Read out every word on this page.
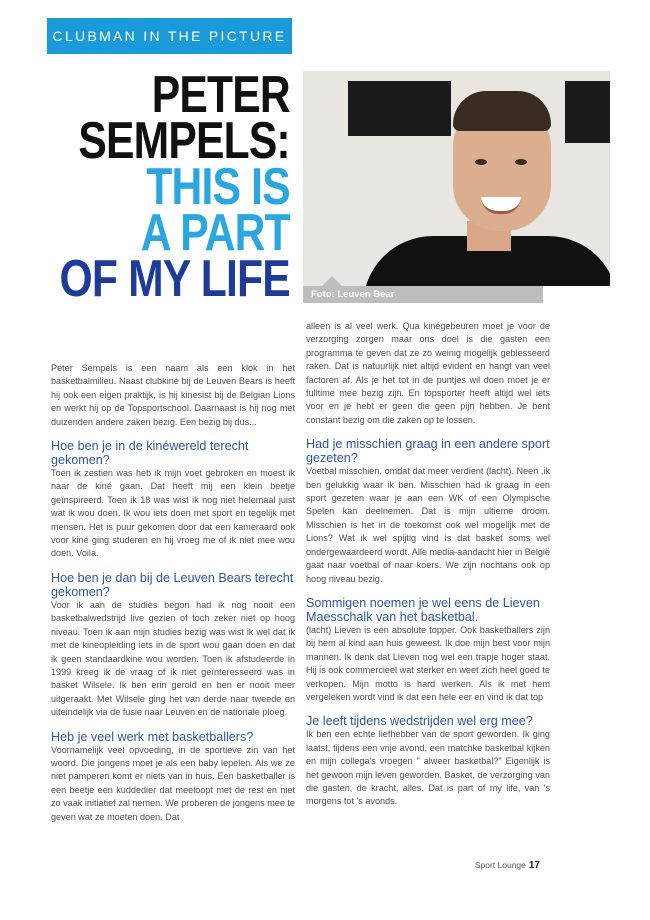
CLUBMAN IN THE PICTURE
PETER
SEMPELS:
THIS IS
A PART
OF MY LIFE	Foto: Leuven Bear

Peter Sempels is een naam als een klok in het basketbalmilieu. Naast clubkiné bij de Leuven Bears is heeft hij ook een eigen praktijk, is hij kinesist bij de Belgian Lions en werkt hij op de Topsportschool. Daarnaast is hij nog met duizenden andere zaken bezig. Een bezig bij dus...

Hoe ben je in de kinéwereld terecht gekomen?

Toen ik zestien was heb ik mijn voet gebroken en moest ik naar de kiné gaan. Dat heeft mij een klein beetje geïnspireerd. Toen ik 18 was wist ik nog niet helemaal juist wat ik wou doen. Ik wou iets doen met sport en tegelijk met mensen. Het is puur gekomen door dat een kameraard ook voor kiné ging studeren en hij vroeg me of ik niet mee wou doen. Voila.

Hoe ben je dan bij de Leuven Bears terecht gekomen?

Voor ik aan de studies begon had ik nog nooit een basketbalwedstrijd live gezien of toch zeker niet op hoog niveau. Toen ik aan mijn studies bezig was wist ik wel dat ik met de kineopleiding iets in de sport wou gaan doen en dat ik geen standaardkine wou worden. Toen ik afstudeerde in 1999 kreeg ik de vraag of ik niet geïnteresseerd was in basket Wilsele. Ik ben erin gerold en ben er nooit meer uitgeraakt. Met Wilsele ging het van derde naar tweede en uiteindelijk via de fusie naar Leuven en de nationale ploeg.

Heb je veel werk met basketballers?

Voornamelijk veel opvoeding, in de sportieve zin van het woord. Die jongens moet je als een baby lepelen. Als we ze niet pamperen komt er niets van in huis. Een basketballer is een beetje een kuddedier dat meeloopt met de rest en niet zo vaak initiatief zal nemen. We proberen de jongens mee te geven wat ze moeten doen. Dat

alleen is al veel werk. Qua kinégebeuren moet je voor de verzorging zorgen maar ons doel is die gasten een programma te geven dat ze zo weinig mogelijk geblesseerd raken. Dat is natuurlijk niet altijd evident en hangt van veel factoren af. Als je het tot in de puntjes wil doen moet je er fulltime mee bezig zijn. En topsporter heeft altijd wel iets voor en je hebt er geen die geen pijn hebben. Je bent constant bezig om die zaken op te lossen.

Had je misschien graag in een andere sport gezeten?

Voetbal misschien, omdat dat meer verdient (lacht). Neen ,ik ben gelukkig waar ik ben. Misschien had ik graag in een sport gezeten waar je aan een WK of een Olympische Spelen kan deelnemen. Dat is mijn ultieme droom. Misschien is het in de toekomst ook wel mogelijk met de Lions? Wat ik wel spijtig vind is dat basket soms wel ondergewaardeerd wordt. Alle media-aandacht hier in België gaat naar voetbal of naar koers. We zijn nochtans ook op hoog niveau bezig.

Sommigen noemen je wel eens de Lieven Maesschalk van het basketbal.

(lacht) Lieven is een absolute topper. Ook basketballers zijn bij hem al kind aan huis geweest. Ik doe mijn best voor mijn mannen. Ik denk dat Lieven nog wel een trapje hoger staat. Hij is ook commercieel wat sterker en weet zich heel goed te verkopen. Mijn motto is hard werken. Als ik met hem vergeleken wordt vind ik dat een hele eer en vind ik dat top

Je leeft tijdens wedstrijden wel erg mee?

Ik ben een echte liefhebber van de sport geworden. Ik ging laatst, tijdens een vrije avond, een matchke basketbal kijken en mijn collega's vroegen " alweer basketbal?" Eigenlijk is het gewoon mijn leven geworden. Basket, de verzorging van die gasten, de kracht, alles. Dat is part of my life, van 's morgens tot 's avonds.

Sport Lounge 17
